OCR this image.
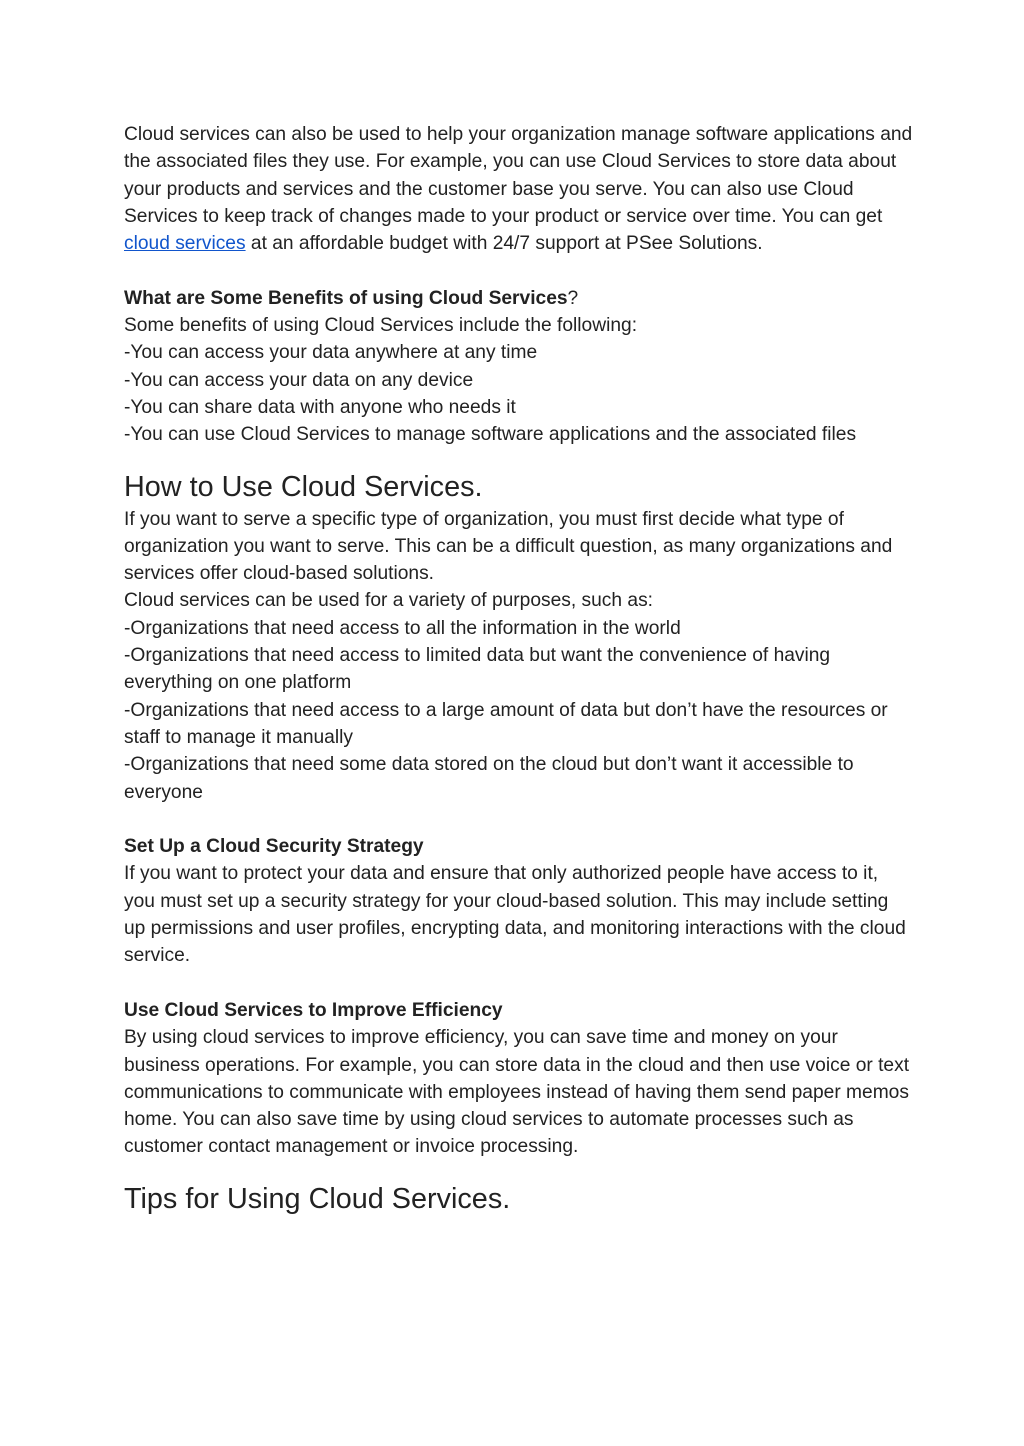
Cloud services can also be used to help your organization manage software applications and the associated files they use. For example, you can use Cloud Services to store data about your products and services and the customer base you serve. You can also use Cloud Services to keep track of changes made to your product or service over time. You can get cloud services at an affordable budget with 24/7 support at PSee Solutions.

What are Some Benefits of using Cloud Services?

Some benefits of using Cloud Services include the following:

-You can access your data anywhere at any time

-You can access your data on any device

-You can share data with anyone who needs it

-You can use Cloud Services to manage software applications and the associated files

How to Use Cloud Services.

If you want to serve a specific type of organization, you must first decide what type of organization you want to serve. This can be a difficult question, as many organizations and services offer cloud-based solutions.

Cloud services can be used for a variety of purposes, such as:

-Organizations that need access to all the information in the world

-Organizations that need access to limited data but want the convenience of having everything on one platform

-Organizations that need access to a large amount of data but don’t have the resources or staff to manage it manually

-Organizations that need some data stored on the cloud but don’t want it accessible to everyone

Set Up a Cloud Security Strategy

If you want to protect your data and ensure that only authorized people have access to it, you must set up a security strategy for your cloud-based solution. This may include setting up permissions and user profiles, encrypting data, and monitoring interactions with the cloud service.

Use Cloud Services to Improve Efficiency

By using cloud services to improve efficiency, you can save time and money on your business operations. For example, you can store data in the cloud and then use voice or text communications to communicate with employees instead of having them send paper memos home. You can also save time by using cloud services to automate processes such as customer contact management or invoice processing.

Tips for Using Cloud Services.
